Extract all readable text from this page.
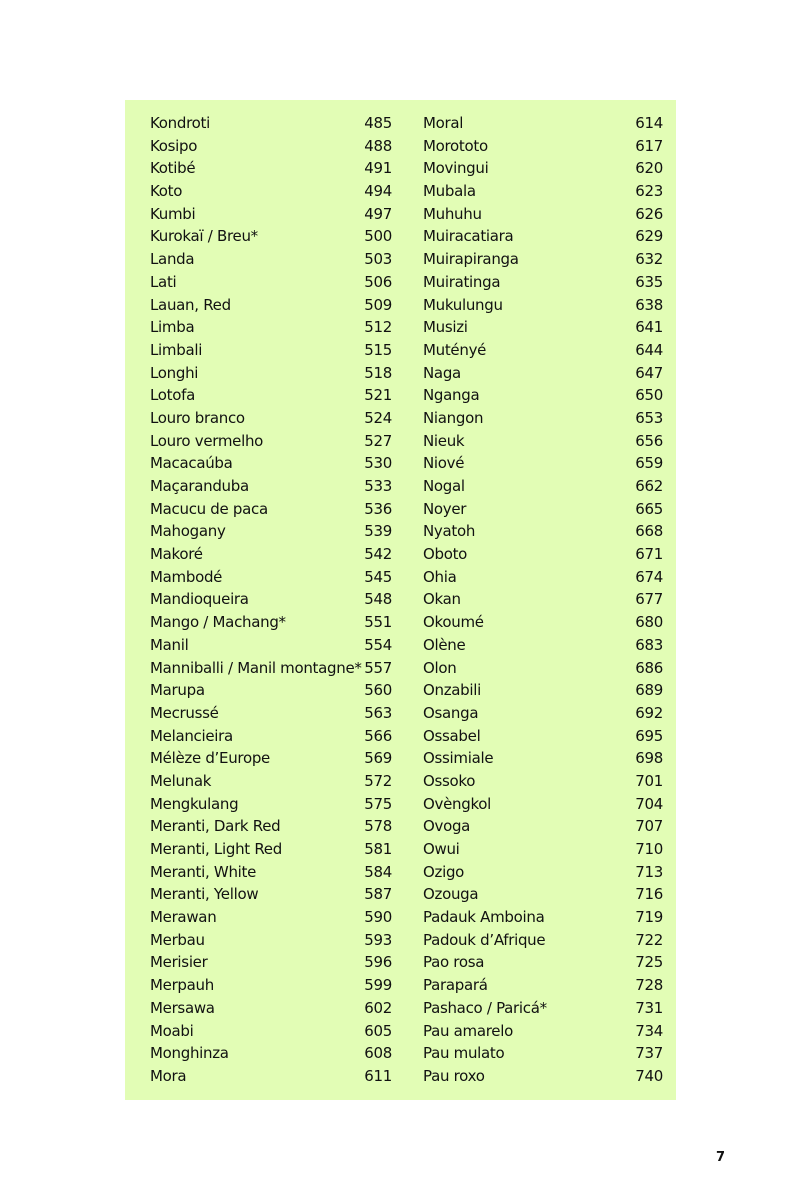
Kondroti	485
Kosipo	488
Kotibé	491
Koto	494
Kumbi	497
Kurokaï / Breu*	500
Landa	503
Lati	506
Lauan, Red	509
Limba	512
Limbali	515
Longhi	518
Lotofa	521
Louro branco	524
Louro vermelho	527
Macacaúba	530
Maçaranduba	533
Macucu de paca	536
Mahogany	539
Makoré	542
Mambodé	545
Mandioqueira	548
Mango / Machang*	551
Manil	554
Manniballi / Manil montagne* 557
Marupa	560
Mecrussé	563
Melancieira	566
Mélèze d’Europe	569
Melunak	572
Mengkulang	575
Meranti, Dark Red	578
Meranti, Light Red	581
Meranti, White	584
Meranti, Yellow	587
Merawan	590
Merbau	593
Merisier	596
Merpauh	599
Mersawa	602
Moabi	605
Monghinza	608
Mora	611
Moral	614
Morototo	617
Movingui	620
Mubala	623
Muhuhu	626
Muiracatiara	629
Muirapiranga	632
Muiratinga	635
Mukulungu	638
Musizi	641
Mutényé	644
Naga	647
Nganga	650
Niangon	653
Nieuk	656
Niové	659
Nogal	662
Noyer	665
Nyatoh	668
Oboto	671
Ohia	674
Okan	677
Okoumé	680
Olène	683
Olon	686
Onzabili	689
Osanga	692
Ossabel	695
Ossimiale	698
Ossoko	701
Ovèngkol	704
Ovoga	707
Owui	710
Ozigo	713
Ozouga	716
Padauk Amboina	719
Padouk d’Afrique	722
Pao rosa	725
Parapará	728
Pashaco / Paricá*	731
Pau amarelo	734
Pau mulato	737
Pau roxo	740
7
